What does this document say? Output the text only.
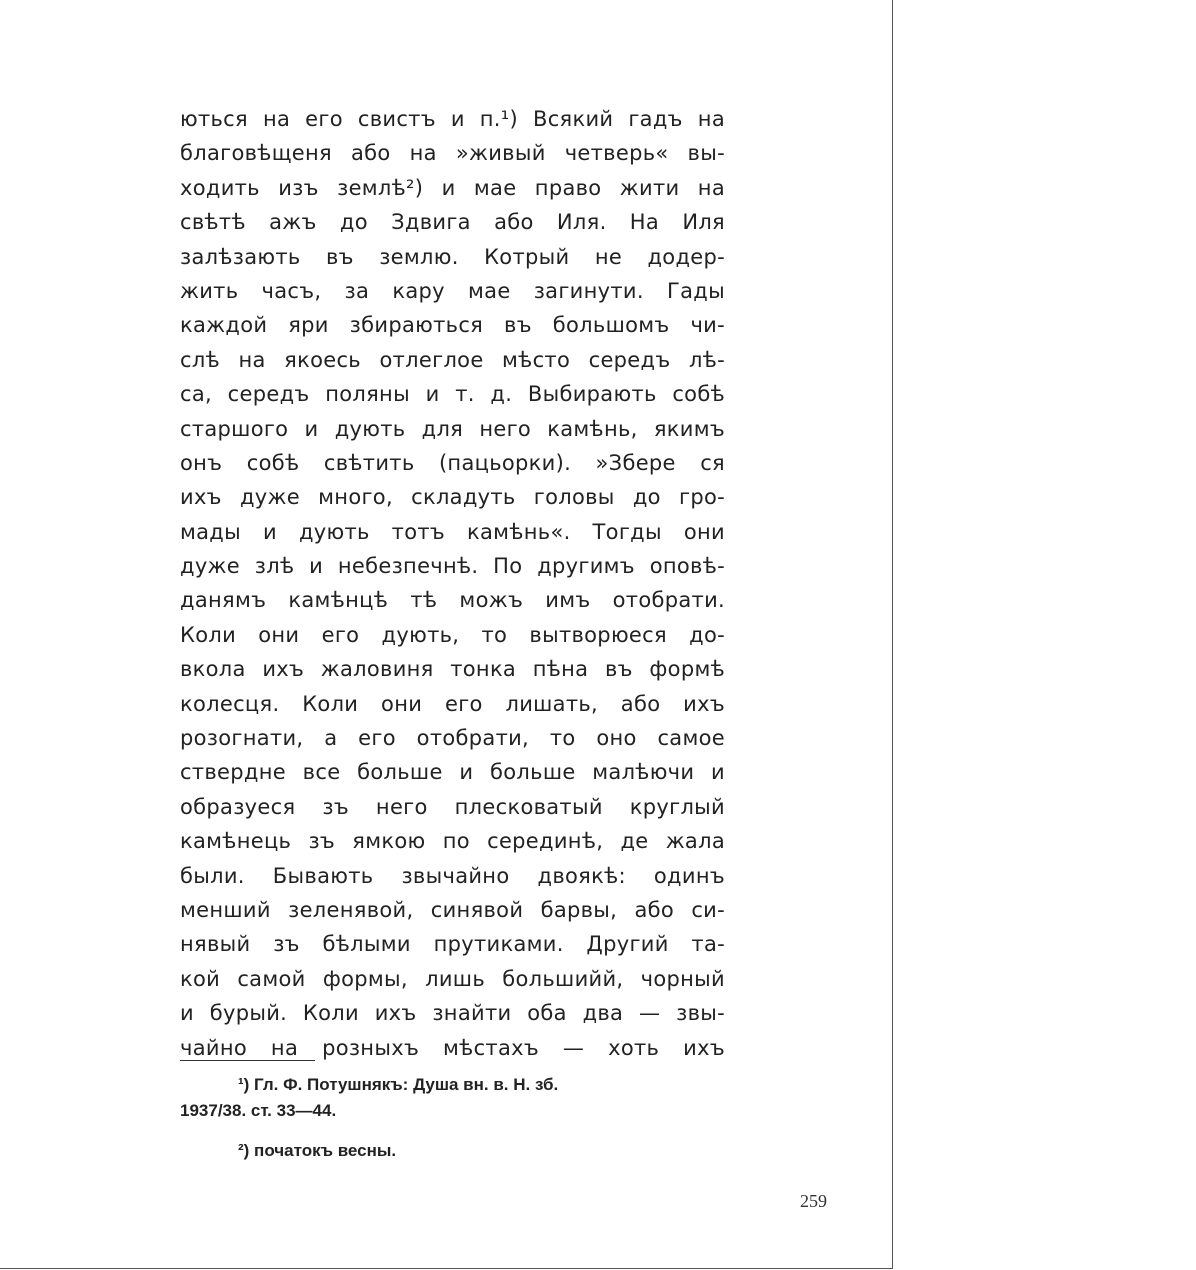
ються на его свистъ и п.¹) Всякий гадъ на
благовѣщеня або на »живый четверь« вы-
ходить изъ землѣ²) и мае право жити на
свѣтѣ ажъ до Здвига або Иля. На Иля
залѣзають въ землю. Котрый не додер-
жить часъ, за кару мае загинути. Гады
каждой яри збираються въ большомъ чи-
слѣ на якоесь отлеглое мѣсто середъ лѣ-
са, середъ поляны и т. д. Выбирають собѣ
старшого и дують для него камѣнь, якимъ
онъ собѣ свѣтить (пацьорки). »Збере ся
ихъ дуже много, складуть головы до гро-
мады и дують тотъ камѣнь«. Тогды они
дуже злѣ и небезпечнѣ. По другимъ оповѣ-
данямъ камѣнцѣ тѣ можъ имъ отобрати.
Коли они его дують, то вытворюеся до-
вкола ихъ жаловиня тонка пѣна въ формѣ
колесця. Коли они его лишать, або ихъ
розогнати, а его отобрати, то оно самое
стверднe все больше и больше малѣючи и
образуеся зъ него плесковатый круглый
камѣнець зъ ямкою по серединѣ, де жала
были. Бывають звычайно двоякѣ: одинъ
менший зеленявой, синявой барвы, або си-
нявый зъ бѣлыми прутиками. Другий та-
кой самой формы, лишь большийй, чорный
и бурый. Коли ихъ знайти оба два — звы-
чайно на розныхъ мѣстахъ — хоть ихъ
¹) Гл. Ф. Потушнякъ: Душа вн. в. Н. зб.
1937/38. ст. 33—44.
²) початокъ весны.
259
